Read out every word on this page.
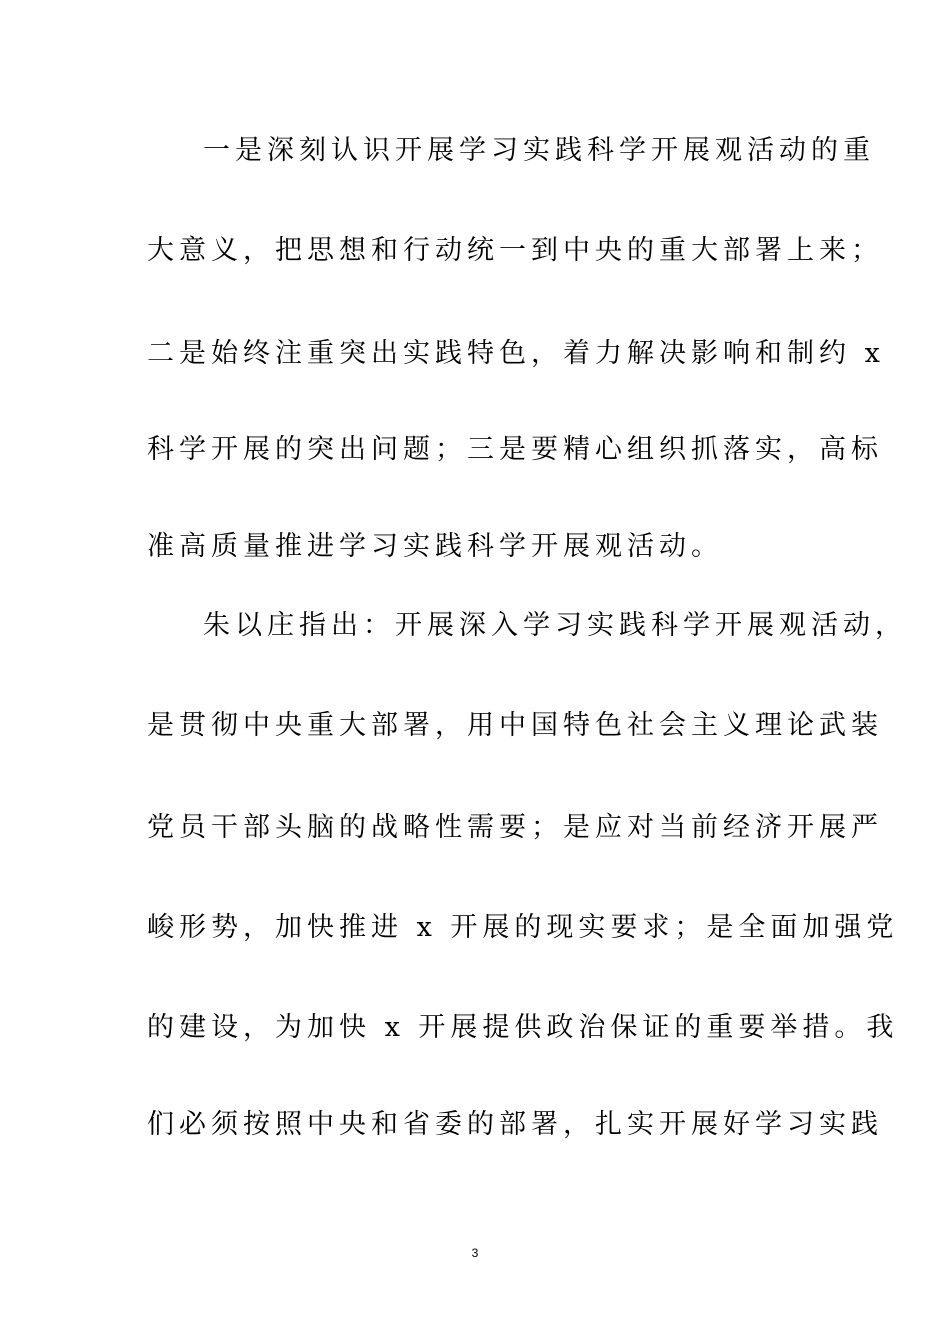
一是深刻认识开展学习实践科学开展观活动的重
大意义，把思想和行动统一到中央的重大部署上来；
二是始终注重突出实践特色，着力解决影响和制约 x
科学开展的突出问题；三是要精心组织抓落实，高标
准高质量推进学习实践科学开展观活动。
朱以庄指出：开展深入学习实践科学开展观活动，
是贯彻中央重大部署，用中国特色社会主义理论武装
党员干部头脑的战略性需要；是应对当前经济开展严
峻形势，加快推进 x 开展的现实要求；是全面加强党
的建设，为加快 x 开展提供政治保证的重要举措。我
们必须按照中央和省委的部署，扎实开展好学习实践
3
